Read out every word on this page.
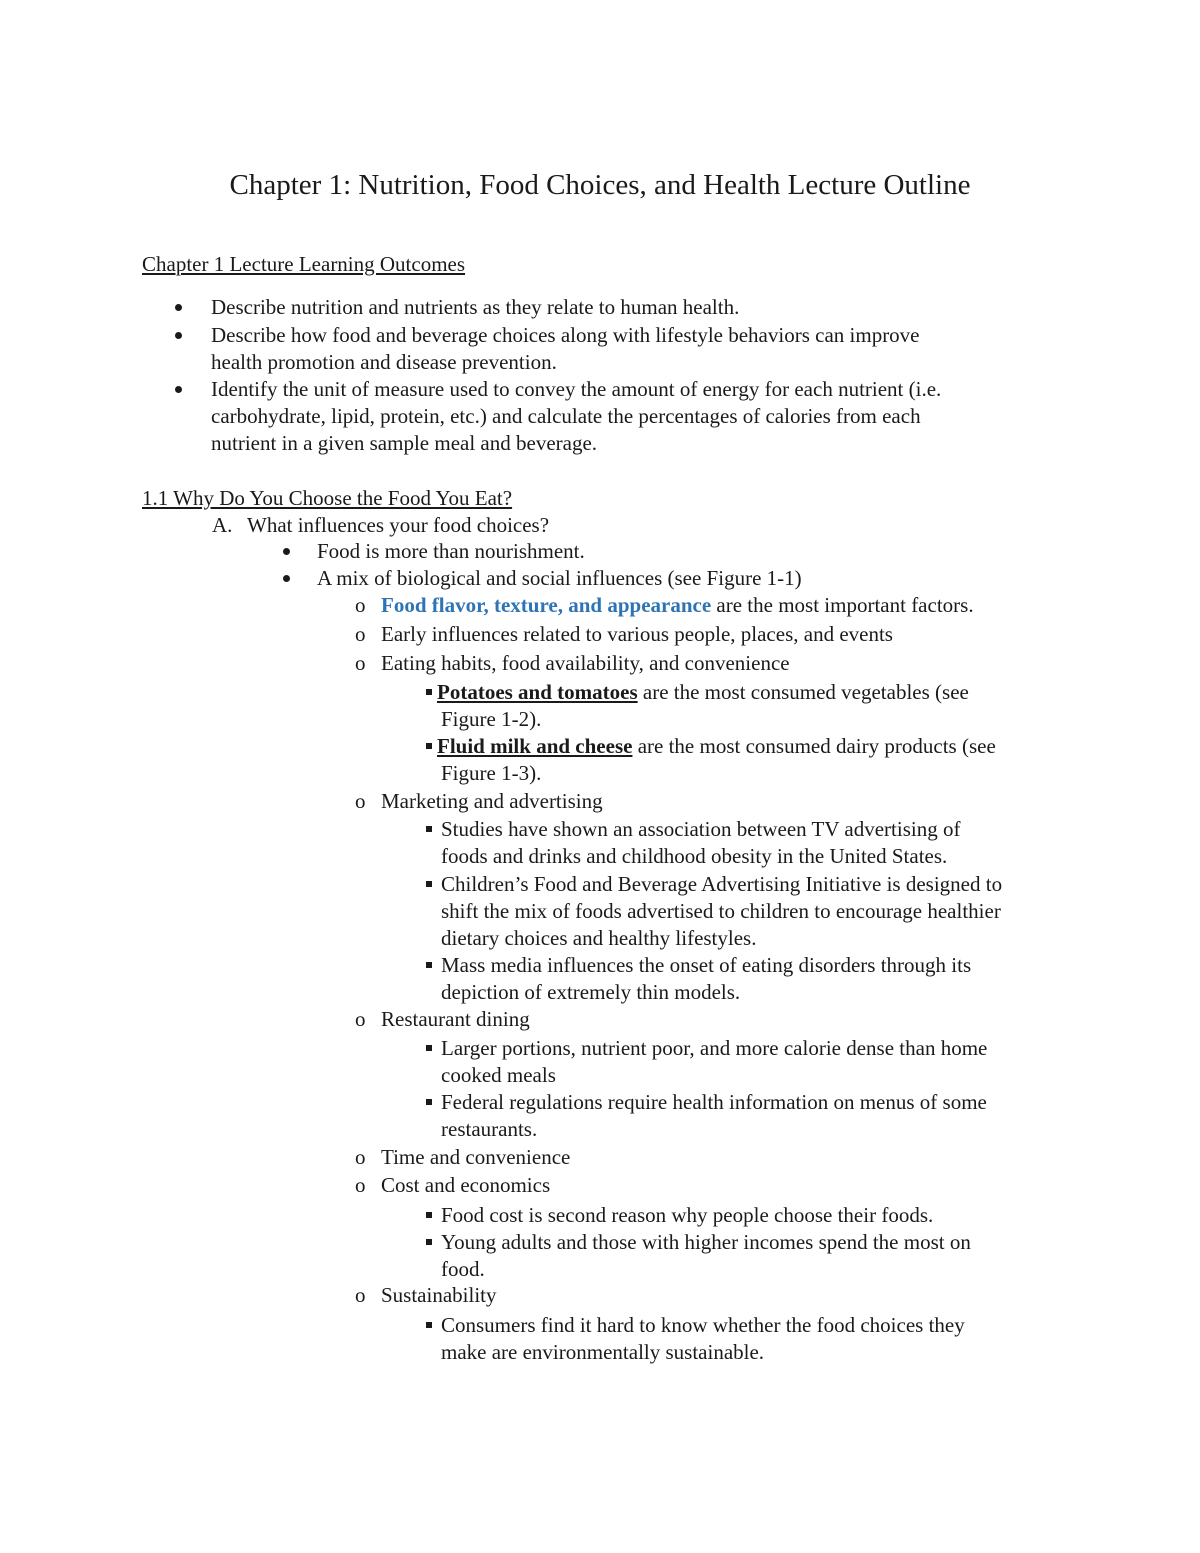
Chapter 1: Nutrition, Food Choices, and Health Lecture Outline
Chapter 1 Lecture Learning Outcomes
Describe nutrition and nutrients as they relate to human health.
Describe how food and beverage choices along with lifestyle behaviors can improve
health promotion and disease prevention.
Identify the unit of measure used to convey the amount of energy for each nutrient (i.e.
carbohydrate, lipid, protein, etc.) and calculate the percentages of calories from each
nutrient in a given sample meal and beverage.
1.1 Why Do You Choose the Food You Eat?
A. What influences your food choices?
Food is more than nourishment.
A mix of biological and social influences (see Figure 1-1)
o Food flavor, texture, and appearance are the most important factors.
o Early influences related to various people, places, and events
o Eating habits, food availability, and convenience
Potatoes and tomatoes are the most consumed vegetables (see
Figure 1-2).
Fluid milk and cheese are the most consumed dairy products (see
Figure 1-3).
o Marketing and advertising
Studies have shown an association between TV advertising of
foods and drinks and childhood obesity in the United States.
Children’s Food and Beverage Advertising Initiative is designed to
shift the mix of foods advertised to children to encourage healthier
dietary choices and healthy lifestyles.
Mass media influences the onset of eating disorders through its
depiction of extremely thin models.
o Restaurant dining
Larger portions, nutrient poor, and more calorie dense than home
cooked meals
Federal regulations require health information on menus of some
restaurants.
o Time and convenience
o Cost and economics
Food cost is second reason why people choose their foods.
Young adults and those with higher incomes spend the most on
food.
o Sustainability
Consumers find it hard to know whether the food choices they
make are environmentally sustainable.
